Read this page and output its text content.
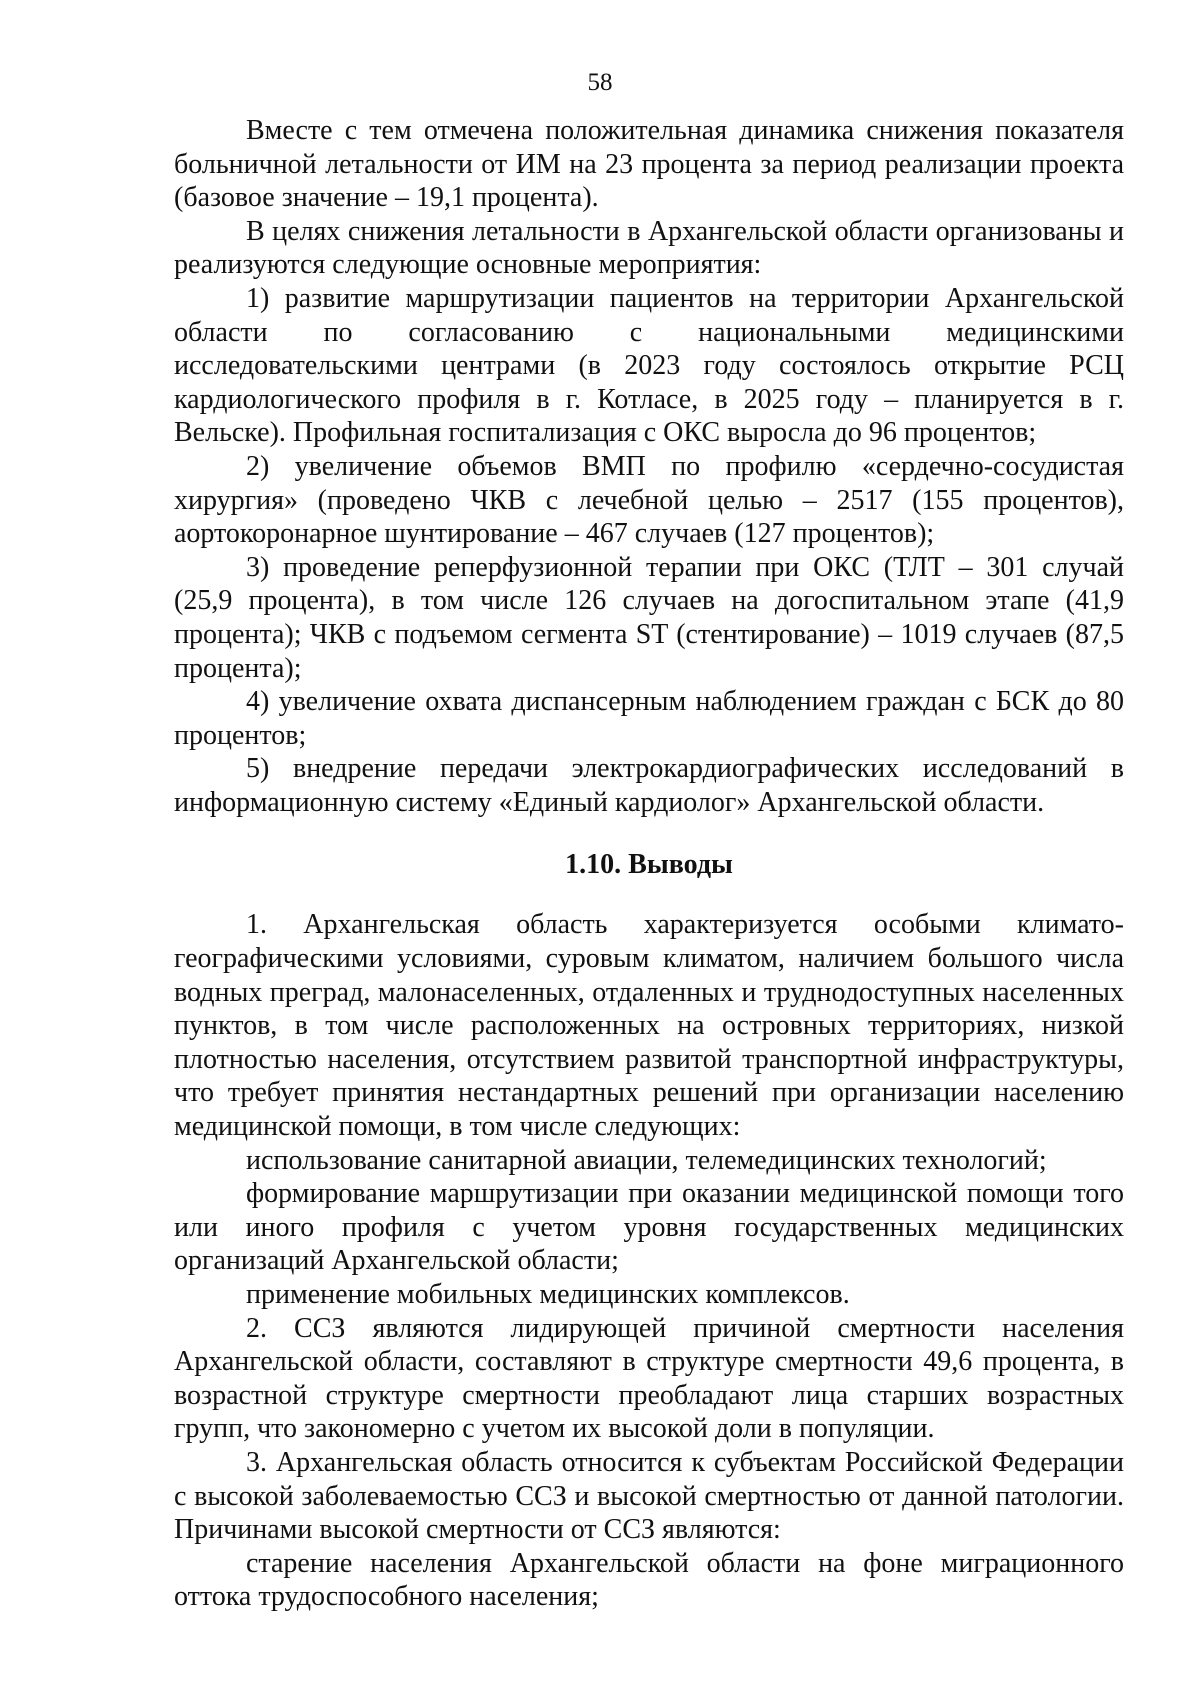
58

Вместе с тем отмечена положительная динамика снижения показателя больничной летальности от ИМ на 23 процента за период реализации проекта (базовое значение – 19,1 процента).

В целях снижения летальности в Архангельской области организованы и реализуются следующие основные мероприятия:

1) развитие маршрутизации пациентов на территории Архангельской области по согласованию с национальными медицинскими исследовательскими центрами (в 2023 году состоялось открытие РСЦ кардиологического профиля в г. Котласе, в 2025 году – планируется в г. Вельске). Профильная госпитализация с ОКС выросла до 96 процентов;

2) увеличение объемов ВМП по профилю «сердечно-сосудистая хирургия» (проведено ЧКВ с лечебной целью – 2517 (155 процентов), аортокоронарное шунтирование – 467 случаев (127 процентов);

3) проведение реперфузионной терапии при ОКС (ТЛТ – 301 случай (25,9 процента), в том числе 126 случаев на догоспитальном этапе (41,9 процента); ЧКВ с подъемом сегмента ST (стентирование) – 1019 случаев (87,5 процента);

4) увеличение охвата диспансерным наблюдением граждан с БСК до 80 процентов;

5) внедрение передачи электрокардиографических исследований в информационную систему «Единый кардиолог» Архангельской области.

1.10. Выводы

1. Архангельская область характеризуется особыми климато-географическими условиями, суровым климатом, наличием большого числа водных преград, малонаселенных, отдаленных и труднодоступных населенных пунктов, в том числе расположенных на островных территориях, низкой плотностью населения, отсутствием развитой транспортной инфраструктуры, что требует принятия нестандартных решений при организации населению медицинской помощи, в том числе следующих:

использование санитарной авиации, телемедицинских технологий;

формирование маршрутизации при оказании медицинской помощи того или иного профиля с учетом уровня государственных медицинских организаций Архангельской области;

применение мобильных медицинских комплексов.

2. ССЗ являются лидирующей причиной смертности населения Архангельской области, составляют в структуре смертности 49,6 процента, в возрастной структуре смертности преобладают лица старших возрастных групп, что закономерно с учетом их высокой доли в популяции.

3. Архангельская область относится к субъектам Российской Федерации с высокой заболеваемостью ССЗ и высокой смертностью от данной патологии. Причинами высокой смертности от ССЗ являются:

старение населения Архангельской области на фоне миграционного оттока трудоспособного населения;
